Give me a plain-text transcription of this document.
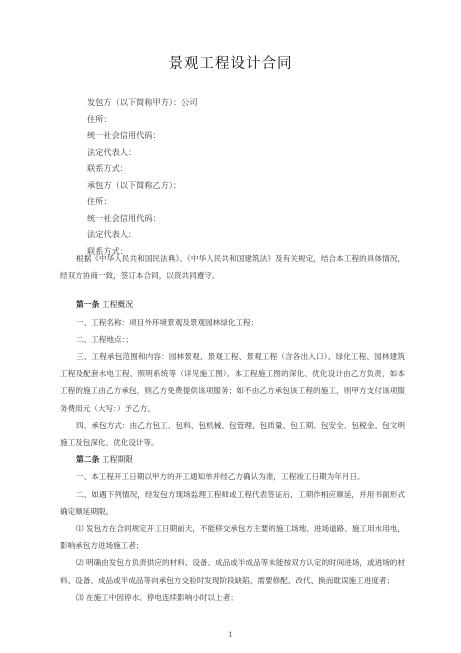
景观工程设计合同
发包方（以下简称甲方）：公司
住所：
统一社会信用代码：
法定代表人：
联系方式：
承包方（以下简称乙方）：
住所：
统一社会信用代码：
法定代表人：
联系方式：

根据《中华人民共和国民法典》、《中华人民共和国建筑法》及有关规定，结合本工程的具体情况，经双方协商一致，签订本合同，以资共同遵守。

第一条 工程概况

一、工程名称：项目外环境景观及景观园林绿化工程；

二、工程地点：；

三、工程承包范围和内容：园林景观、景观工程、景观工程（含各出入口）、绿化工程、园林建筑工程及配套水电工程、照明系统等（详见施工图）。本工程施工图的深化、优化设计由乙方负责，如本工程的施工由乙方承包，则乙方免费提供该项服务；如不由乙方承包该工程的施工，则甲方支付该项服务费用元（大写：）予乙方。

四、承包方式：由乙方包工、包料、包机械、包管理、包质量、包工期、包安全、包税金、包文明施工及包深化、优化设计等。

第二条 工程期限

一、本工程开工日期以甲方的开工通知单并经乙方确认为准，工程竣工日期为年月日。

二、如遇下列情况，经发包方现场监理工程师或工程代表签证后，工期作相应顺延，并用书面形式确定顺延期限。

⑴ 发包方在合同规定开工日期前天，不能移交承包方主要的施工场地、进场道路、施工用水用电，影响承包方进场施工者；

⑵ 明确由发包方负责供应的材料、设备、成品或半成品等未能按双方认定的时间进场，或进场的材料、设备、成品或半成品等向承包方交验时发现阶段缺陷，需要修配、改代、换而耽误施工进度者；

⑶ 在施工中因停水、停电连续影响小时以上者；

1
